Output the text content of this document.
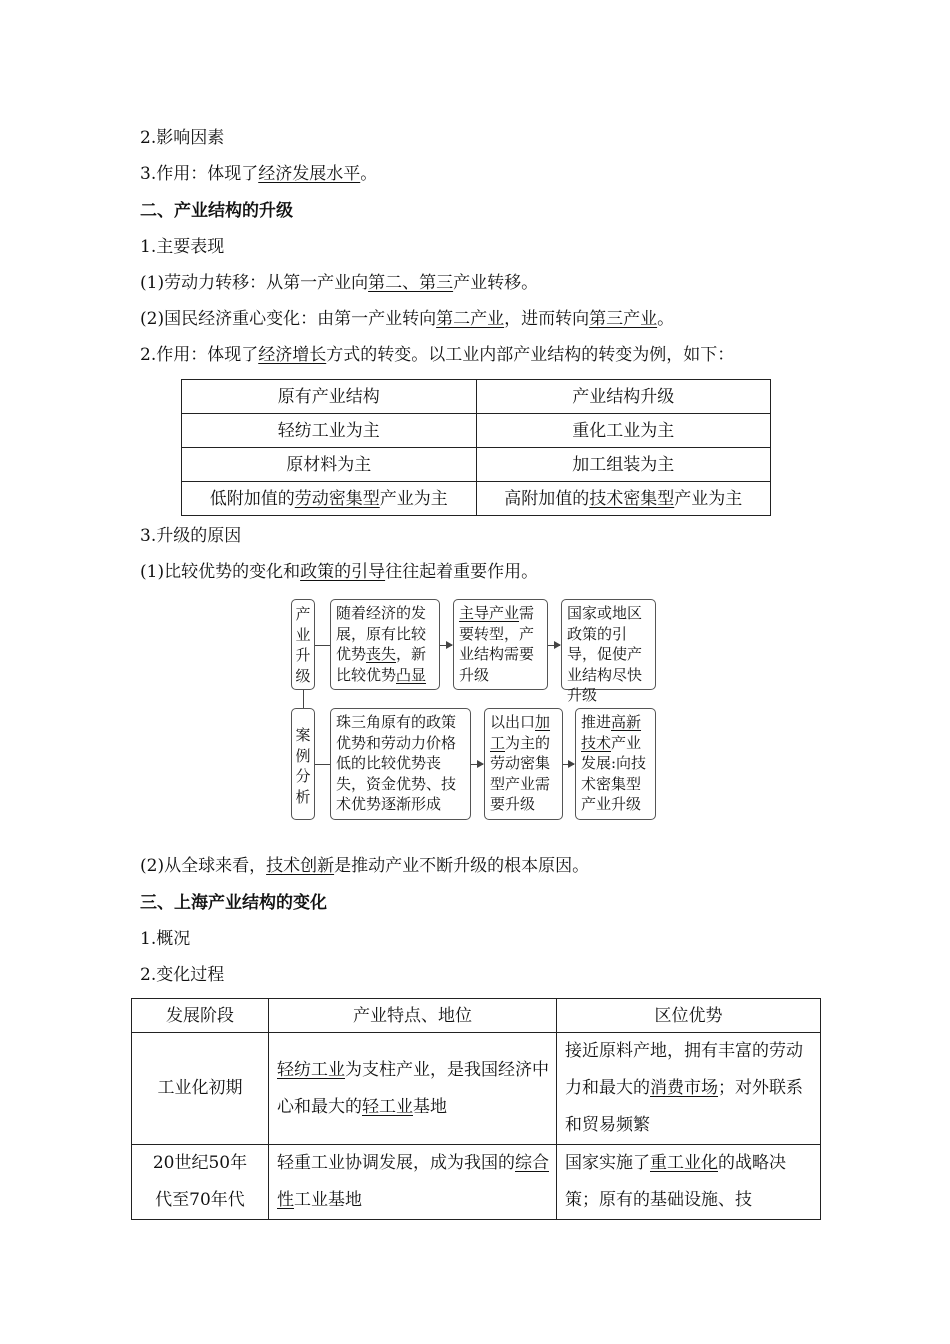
2.影响因素
3.作用：体现了经济发展水平。
二、产业结构的升级
1.主要表现
(1)劳动力转移：从第一产业向第二、第三产业转移。
(2)国民经济重心变化：由第一产业转向第二产业，进而转向第三产业。
2.作用：体现了经济增长方式的转变。以工业内部产业结构的转变为例，如下：
原有产业结构	产业结构升级
轻纺工业为主	重化工业为主
原材料为主	加工组装为主
低附加值的劳动密集型产业为主	高附加值的技术密集型产业为主
3.升级的原因
(1)比较优势的变化和政策的引导往往起着重要作用。
产业升级
随着经济的发展，原有比较优势丧失，新比较优势凸显
主导产业需要转型，产业结构需要升级
国家或地区政策的引导，促使产业结构尽快升级
案例分析
珠三角原有的政策优势和劳动力价格低的比较优势丧失，资金优势、技术优势逐渐形成
以出口加工为主的劳动密集型产业需要升级
推进高新技术产业发展:向技术密集型产业升级
(2)从全球来看，技术创新是推动产业不断升级的根本原因。
三、上海产业结构的变化
1.概况
2.变化过程
发展阶段	产业特点、地位	区位优势
工业化初期	轻纺工业为支柱产业，是我国经济中心和最大的轻工业基地	接近原料产地，拥有丰富的劳动力和最大的消费市场；对外联系和贸易频繁
20世纪50年代至70年代	轻重工业协调发展，成为我国的综合性工业基地	国家实施了重工业化的战略决策；原有的基础设施、技
